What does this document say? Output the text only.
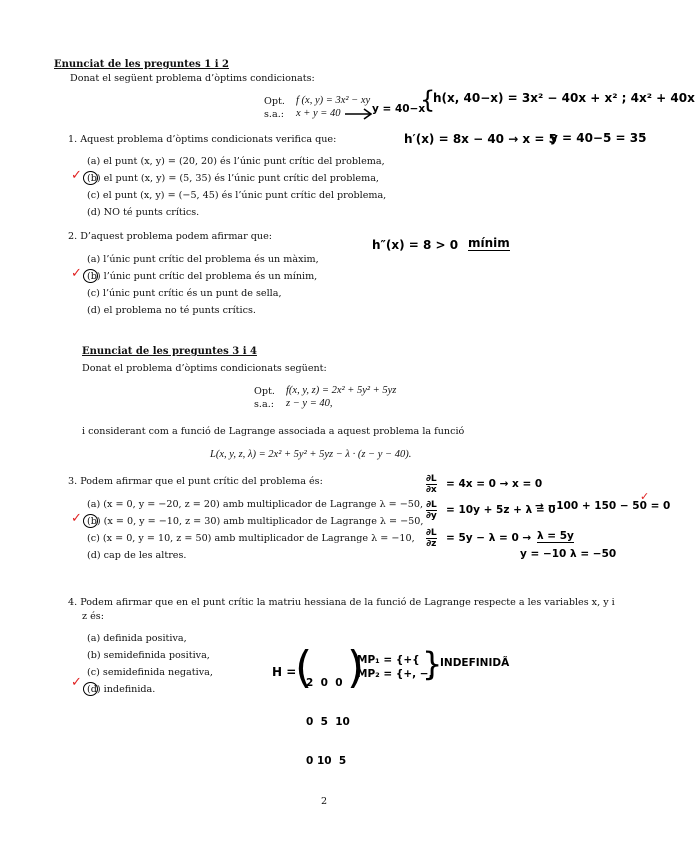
Enunciat de les preguntes 1 i 2
Donat el següent problema d’òptims condicionats:
Opt. f (x, y) = 3x² − xy
s.a.: x + y = 40
1. Aquest problema d’òptims condicionats verifica que:
(a) el punt (x, y) = (20, 20) és l’únic punt crític del problema,
(b) el punt (x, y) = (5, 35) és l’únic punt crític del problema,
(c) el punt (x, y) = (−5, 45) és l’únic punt crític del problema,
(d) NO té punts crítics.
✓
2. D’aquest problema podem afirmar que:
(a) l’únic punt crític del problema és un màxim,
(b) l’únic punt crític del problema és un mínim,
(c) l’únic punt crític és un punt de sella,
(d) el problema no té punts crítics.
✓
Enunciat de les preguntes 3 i 4
Donat el problema d’òptims condicionats següent:
Opt. f(x, y, z) = 2x² + 5y² + 5yz
s.a.: z − y = 40,
i considerant com a funció de Lagrange associada a aquest problema la funció
L(x, y, z, λ) = 2x² + 5y² + 5yz − λ · (z − y − 40).
3. Podem afirmar que el punt crític del problema és:
(a) (x = 0, y = −20, z = 20) amb multiplicador de Lagrange λ = −50,
(b) (x = 0, y = −10, z = 30) amb multiplicador de Lagrange λ = −50,
(c) (x = 0, y = 10, z = 50) amb multiplicador de Lagrange λ = −10,
(d) cap de les altres.
✓
4. Podem afirmar que en el punt crític la matriu hessiana de la funció de Lagrange respecte a les variables x, y i
z és:
(a) definida positiva,
(b) semidefinida positiva,
(c) semidefinida negativa,
(d) indefinida.
✓
2
y = 40−x
{
h(x, 40−x) = 3x² − 40x + x² ; 4x² + 40x
h′(x) = 8x − 40 → x = 5
y = 40−5 = 35
h″(x) = 8 > 0 mínim
$\frac{\partial L}{\partial x} = 4x = 0 \to x = 0$
$\frac{\partial L}{\partial y} = 10y + 5z + \lambda = 0$
→ −100 + 150 − 50 = 0
✓
$\frac{\partial L}{\partial z} = 5y - \lambda = 0 \to \lambda = 5y$
y = −10 λ = −50
H =
(

2  0  0

0  5  10

0 10  5

)
MP₁ = {+{
MP₂ = {+, −,
}
INDEFINIDÃ
